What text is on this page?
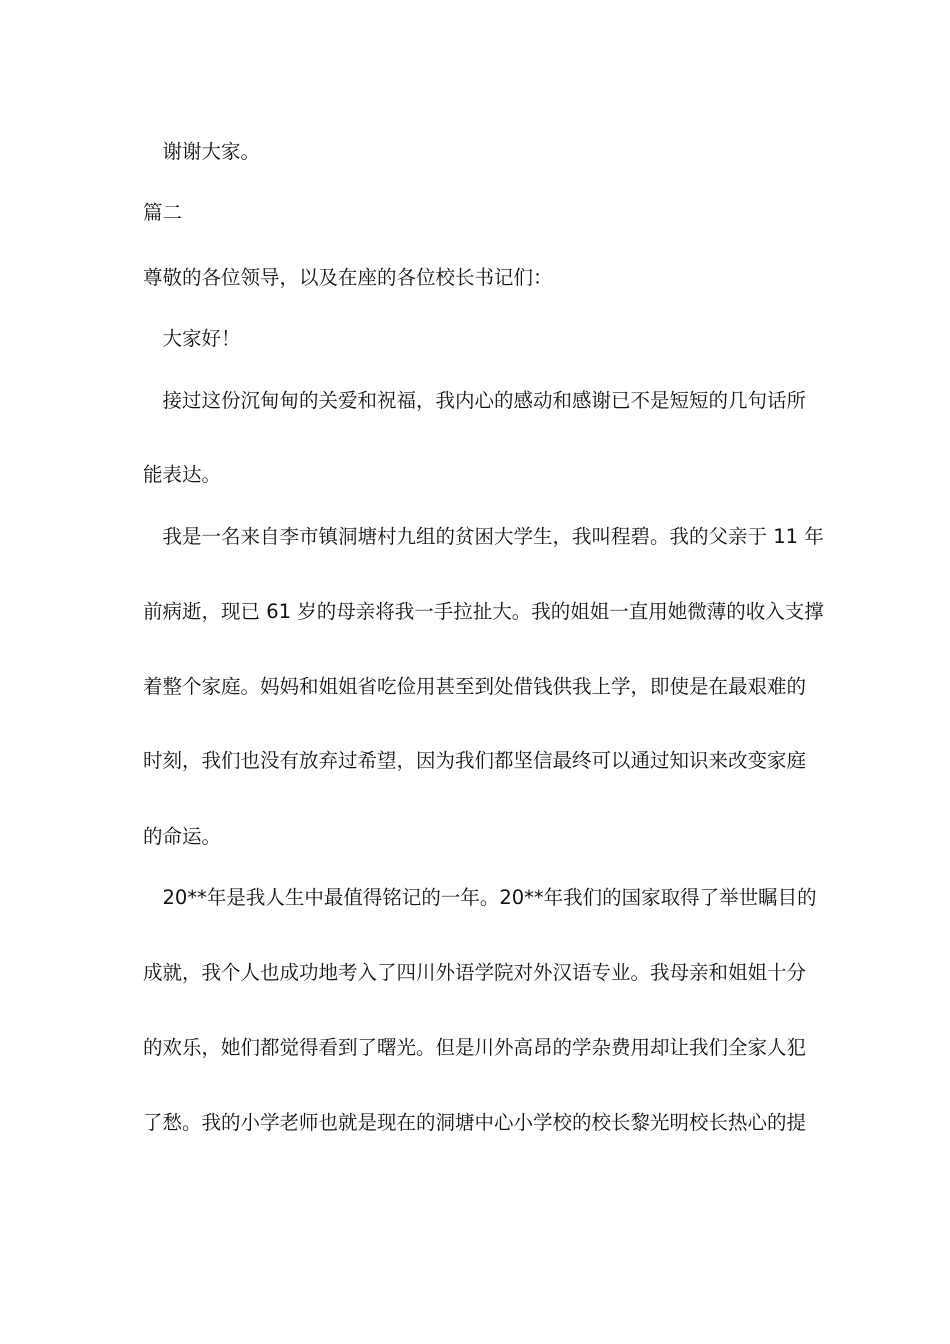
　谢谢大家。
篇二
尊敬的各位领导，以及在座的各位校长书记们：
　大家好！
　接过这份沉甸甸的关爱和祝福，我内心的感动和感谢已不是短短的几句话所
能表达。
　我是一名来自李市镇洞塘村九组的贫困大学生，我叫程碧。我的父亲于 11 年
前病逝，现已 61 岁的母亲将我一手拉扯大。我的姐姐一直用她微薄的收入支撑
着整个家庭。妈妈和姐姐省吃俭用甚至到处借钱供我上学，即使是在最艰难的
时刻，我们也没有放弃过希望，因为我们都坚信最终可以通过知识来改变家庭
的命运。
　20**年是我人生中最值得铭记的一年。20**年我们的国家取得了举世瞩目的
成就，我个人也成功地考入了四川外语学院对外汉语专业。我母亲和姐姐十分
的欢乐，她们都觉得看到了曙光。但是川外高昂的学杂费用却让我们全家人犯
了愁。我的小学老师也就是现在的洞塘中心小学校的校长黎光明校长热心的提
